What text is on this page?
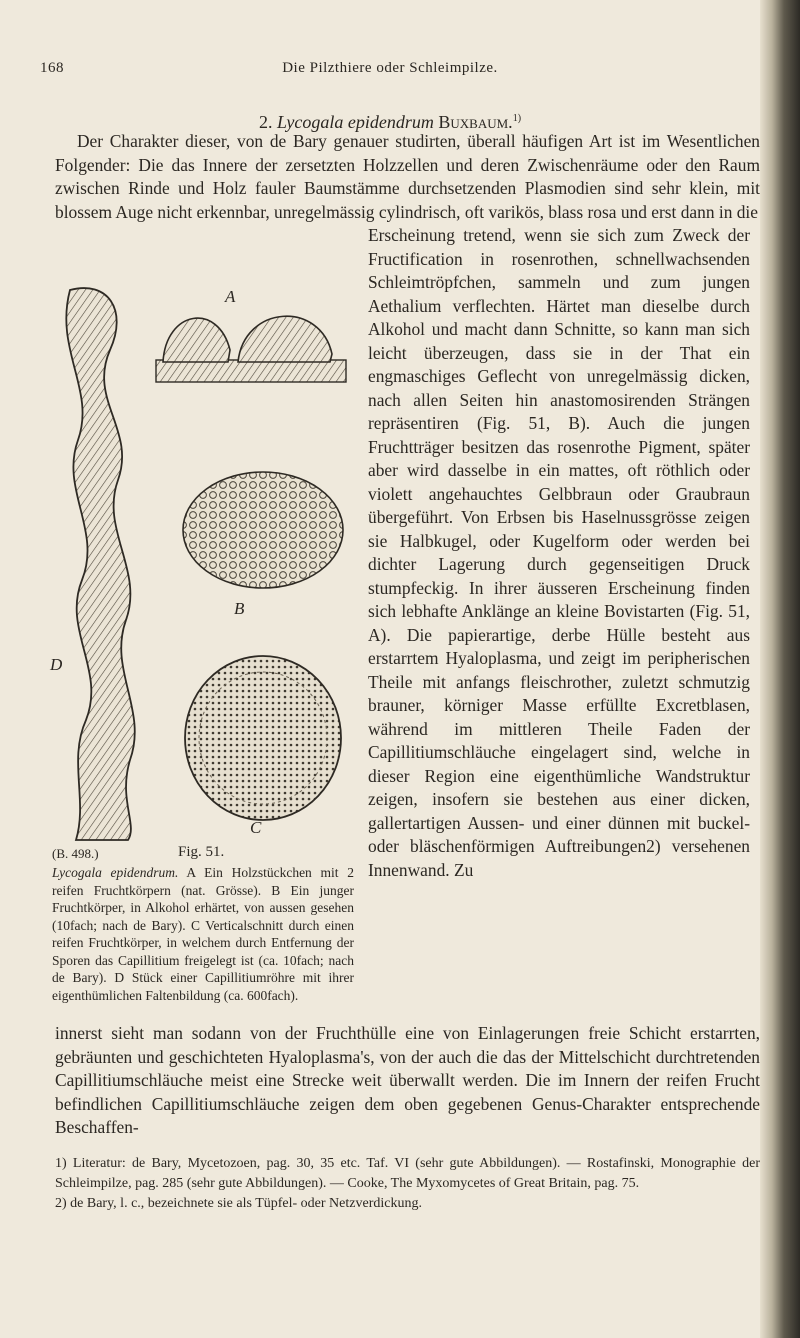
168	Die Pilzthiere oder Schleimpilze.
2. Lycogala epidendrum Buxbaum.$^{1)}$

Der Charakter dieser, von de Bary genauer studirten, überall häufigen Art ist im Wesentlichen Folgender: Die das Innere der zersetzten Holzzellen und deren Zwischenräume oder den Raum zwischen Rinde und Holz fauler Baumstämme durchsetzenden Plasmodien sind sehr klein, mit blossem Auge nicht erkennbar, unregelmässig cylindrisch, oft varikös, blass rosa und erst dann in die

A
B
C
D
(B. 498.)	Fig. 51.
Lycogala epidendrum. A Ein Holzstückchen mit 2 reifen Fruchtkörpern (nat. Grösse). B Ein junger Fruchtkörper, in Alkohol erhärtet, von aussen gesehen (10fach; nach de Bary). C Verticalschnitt durch einen reifen Fruchtkörper, in welchem durch Entfernung der Sporen das Capillitium freigelegt ist (ca. 10fach; nach de Bary). D Stück einer Capillitiumröhre mit ihrer eigenthümlichen Faltenbildung (ca. 600fach).

Erscheinung tretend, wenn sie sich zum Zweck der Fructification in rosenrothen, schnellwachsenden Schleimtröpfchen, sammeln und zum jungen Aethalium verflechten. Härtet man dieselbe durch Alkohol und macht dann Schnitte, so kann man sich leicht überzeugen, dass sie in der That ein engmaschiges Geflecht von unregelmässig dicken, nach allen Seiten hin anastomosirenden Strängen repräsentiren (Fig. 51, B). Auch die jungen Fruchtträger besitzen das rosenrothe Pigment, später aber wird dasselbe in ein mattes, oft röthlich oder violett angehauchtes Gelbbraun oder Graubraun übergeführt. Von Erbsen bis Haselnussgrösse zeigen sie Halbkugel, oder Kugelform oder werden bei dichter Lagerung durch gegenseitigen Druck stumpfeckig. In ihrer äusseren Erscheinung finden sich lebhafte Anklänge an kleine Bovistarten (Fig. 51, A). Die papierartige, derbe Hülle besteht aus erstarrtem Hyaloplasma, und zeigt im peripherischen Theile mit anfangs fleischrother, zuletzt schmutzig brauner, körniger Masse erfüllte Excretblasen, während im mittleren Theile Faden der Capillitiumschläuche eingelagert sind, welche in dieser Region eine eigenthümliche Wandstruktur zeigen, insofern sie bestehen aus einer dicken, gallertartigen Aussen- und einer dünnen mit buckel- oder bläschenförmigen Auftreibungen2) versehenen Innenwand. Zu

innerst sieht man sodann von der Fruchthülle eine von Einlagerungen freie Schicht erstarrten, gebräunten und geschichteten Hyaloplasma's, von der auch die das der Mittelschicht durchtretenden Capillitiumschläuche meist eine Strecke weit überwallt werden. Die im Innern der reifen Frucht befindlichen Capillitiumschläuche zeigen dem oben gegebenen Genus-Charakter entsprechende Beschaffen-

1) Literatur: de Bary, Mycetozoen, pag. 30, 35 etc. Taf. VI (sehr gute Abbildungen). — Rostafinski, Monographie der Schleimpilze, pag. 285 (sehr gute Abbildungen). — Cooke, The Myxomycetes of Great Britain, pag. 75.

2) de Bary, l. c., bezeichnete sie als Tüpfel- oder Netzverdickung.
